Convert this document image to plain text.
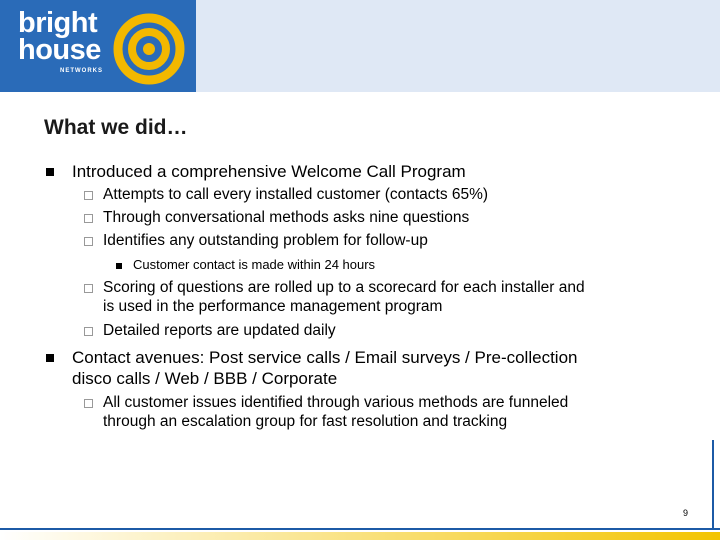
bright
house
NETWORKS
What we did…
Introduced a comprehensive Welcome Call Program
Attempts to call every installed customer (contacts 65%)
Through conversational methods asks nine questions
Identifies any outstanding problem for follow-up
Customer contact is made within 24 hours
Scoring of questions are rolled up to a scorecard for each installer and
is used in the performance management program
Detailed reports are updated daily
Contact avenues: Post service calls / Email surveys / Pre-collection
disco calls / Web / BBB / Corporate
All customer issues identified through various methods are funneled
through an escalation group for fast resolution and tracking
9
